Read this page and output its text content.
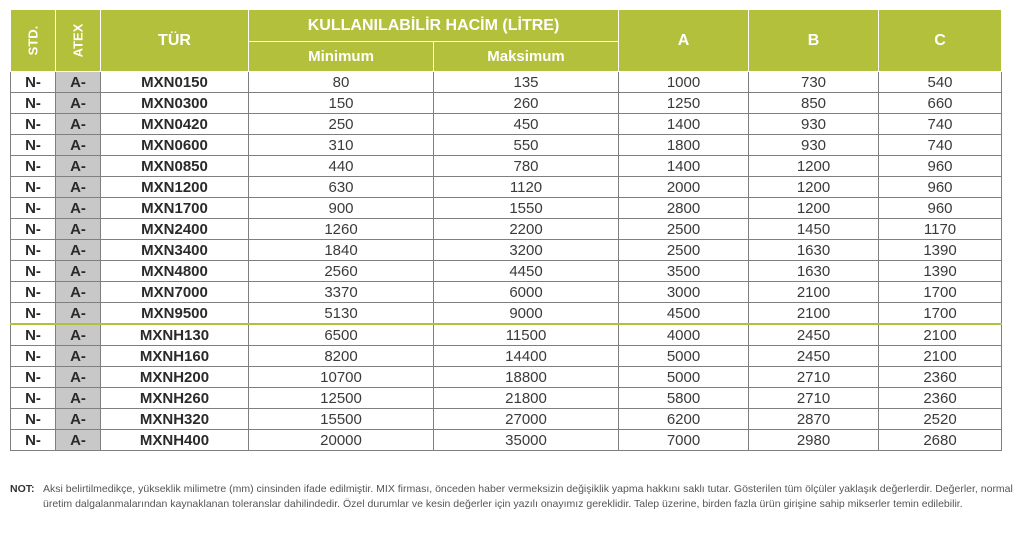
STD.	ATEX	TÜR	KULLANILABİLİR HACİM (LİTRE)		A	B	C
			Minimum	Maksimum			
N-	A-	MXN0150	80	135	1000	730	540
N-	A-	MXN0300	150	260	1250	850	660
N-	A-	MXN0420	250	450	1400	930	740
N-	A-	MXN0600	310	550	1800	930	740
N-	A-	MXN0850	440	780	1400	1200	960
N-	A-	MXN1200	630	1120	2000	1200	960
N-	A-	MXN1700	900	1550	2800	1200	960
N-	A-	MXN2400	1260	2200	2500	1450	1170
N-	A-	MXN3400	1840	3200	2500	1630	1390
N-	A-	MXN4800	2560	4450	3500	1630	1390
N-	A-	MXN7000	3370	6000	3000	2100	1700
N-	A-	MXN9500	5130	9000	4500	2100	1700
N-	A-	MXNH130	6500	11500	4000	2450	2100
N-	A-	MXNH160	8200	14400	5000	2450	2100
N-	A-	MXNH200	10700	18800	5000	2710	2360
N-	A-	MXNH260	12500	21800	5800	2710	2360
N-	A-	MXNH320	15500	27000	6200	2870	2520
N-	A-	MXNH400	20000	35000	7000	2980	2680
NOT: Aksi belirtilmedikçe, yükseklik milimetre (mm) cinsinden ifade edilmiştir. MIX firması, önceden haber vermeksizin değişiklik yapma hakkını saklı tutar. Gösterilen tüm ölçüler yaklaşık değerlerdir. Değerler, normal üretim dalgalanmalarından kaynaklanan toleranslar dahilindedir. Özel durumlar ve kesin değerler için yazılı onayımız gereklidir. Talep üzerine, birden fazla ürün girişine sahip mikserler temin edilebilir.
